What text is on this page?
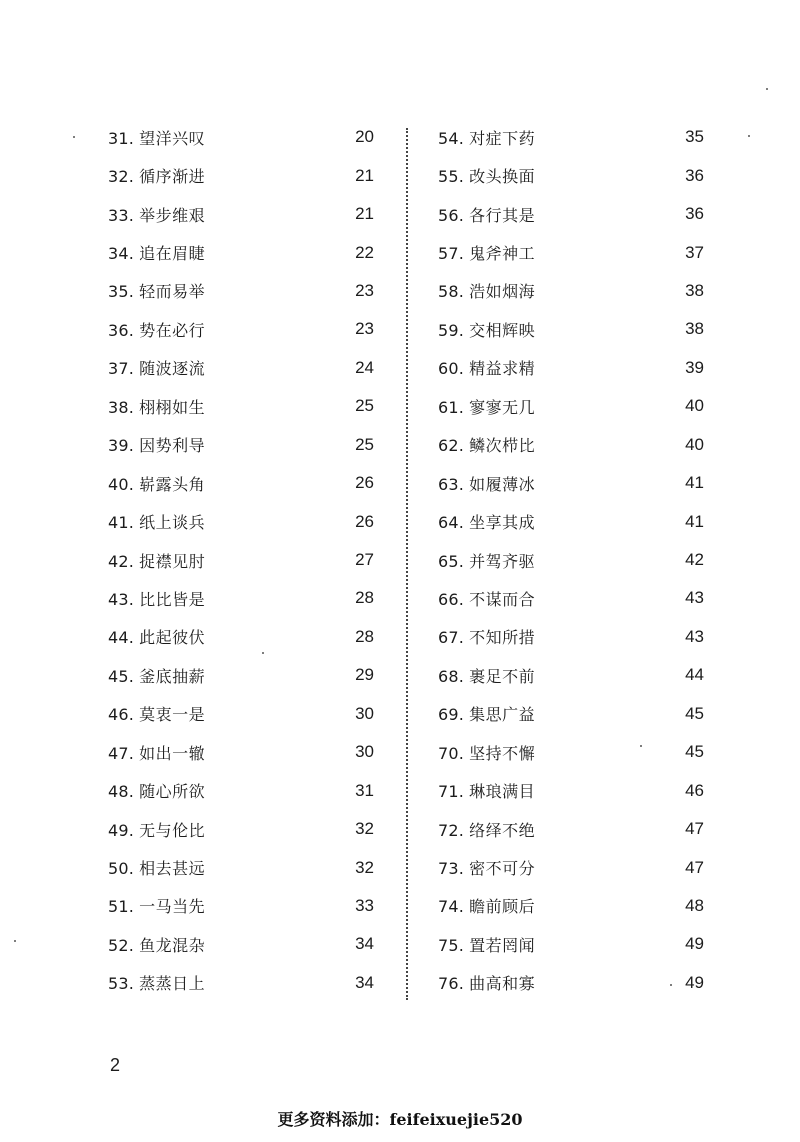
31. 望洋兴叹	20
32. 循序渐进	21
33. 举步维艰	21
34. 追在眉睫	22
35. 轻而易举	23
36. 势在必行	23
37. 随波逐流	24
38. 栩栩如生	25
39. 因势利导	25
40. 崭露头角	26
41. 纸上谈兵	26
42. 捉襟见肘	27
43. 比比皆是	28
44. 此起彼伏	28
45. 釜底抽薪	29
46. 莫衷一是	30
47. 如出一辙	30
48. 随心所欲	31
49. 无与伦比	32
50. 相去甚远	32
51. 一马当先	33
52. 鱼龙混杂	34
53. 蒸蒸日上	34
54. 对症下药	35
55. 改头换面	36
56. 各行其是	36
57. 鬼斧神工	37
58. 浩如烟海	38
59. 交相辉映	38
60. 精益求精	39
61. 寥寥无几	40
62. 鳞次栉比	40
63. 如履薄冰	41
64. 坐享其成	41
65. 并驾齐驱	42
66. 不谋而合	43
67. 不知所措	43
68. 裹足不前	44
69. 集思广益	45
70. 坚持不懈	45
71. 琳琅满目	46
72. 络绎不绝	47
73. 密不可分	47
74. 瞻前顾后	48
75. 置若罔闻	49
76. 曲高和寡	49
2
更多资料添加：feifeixuejie520
